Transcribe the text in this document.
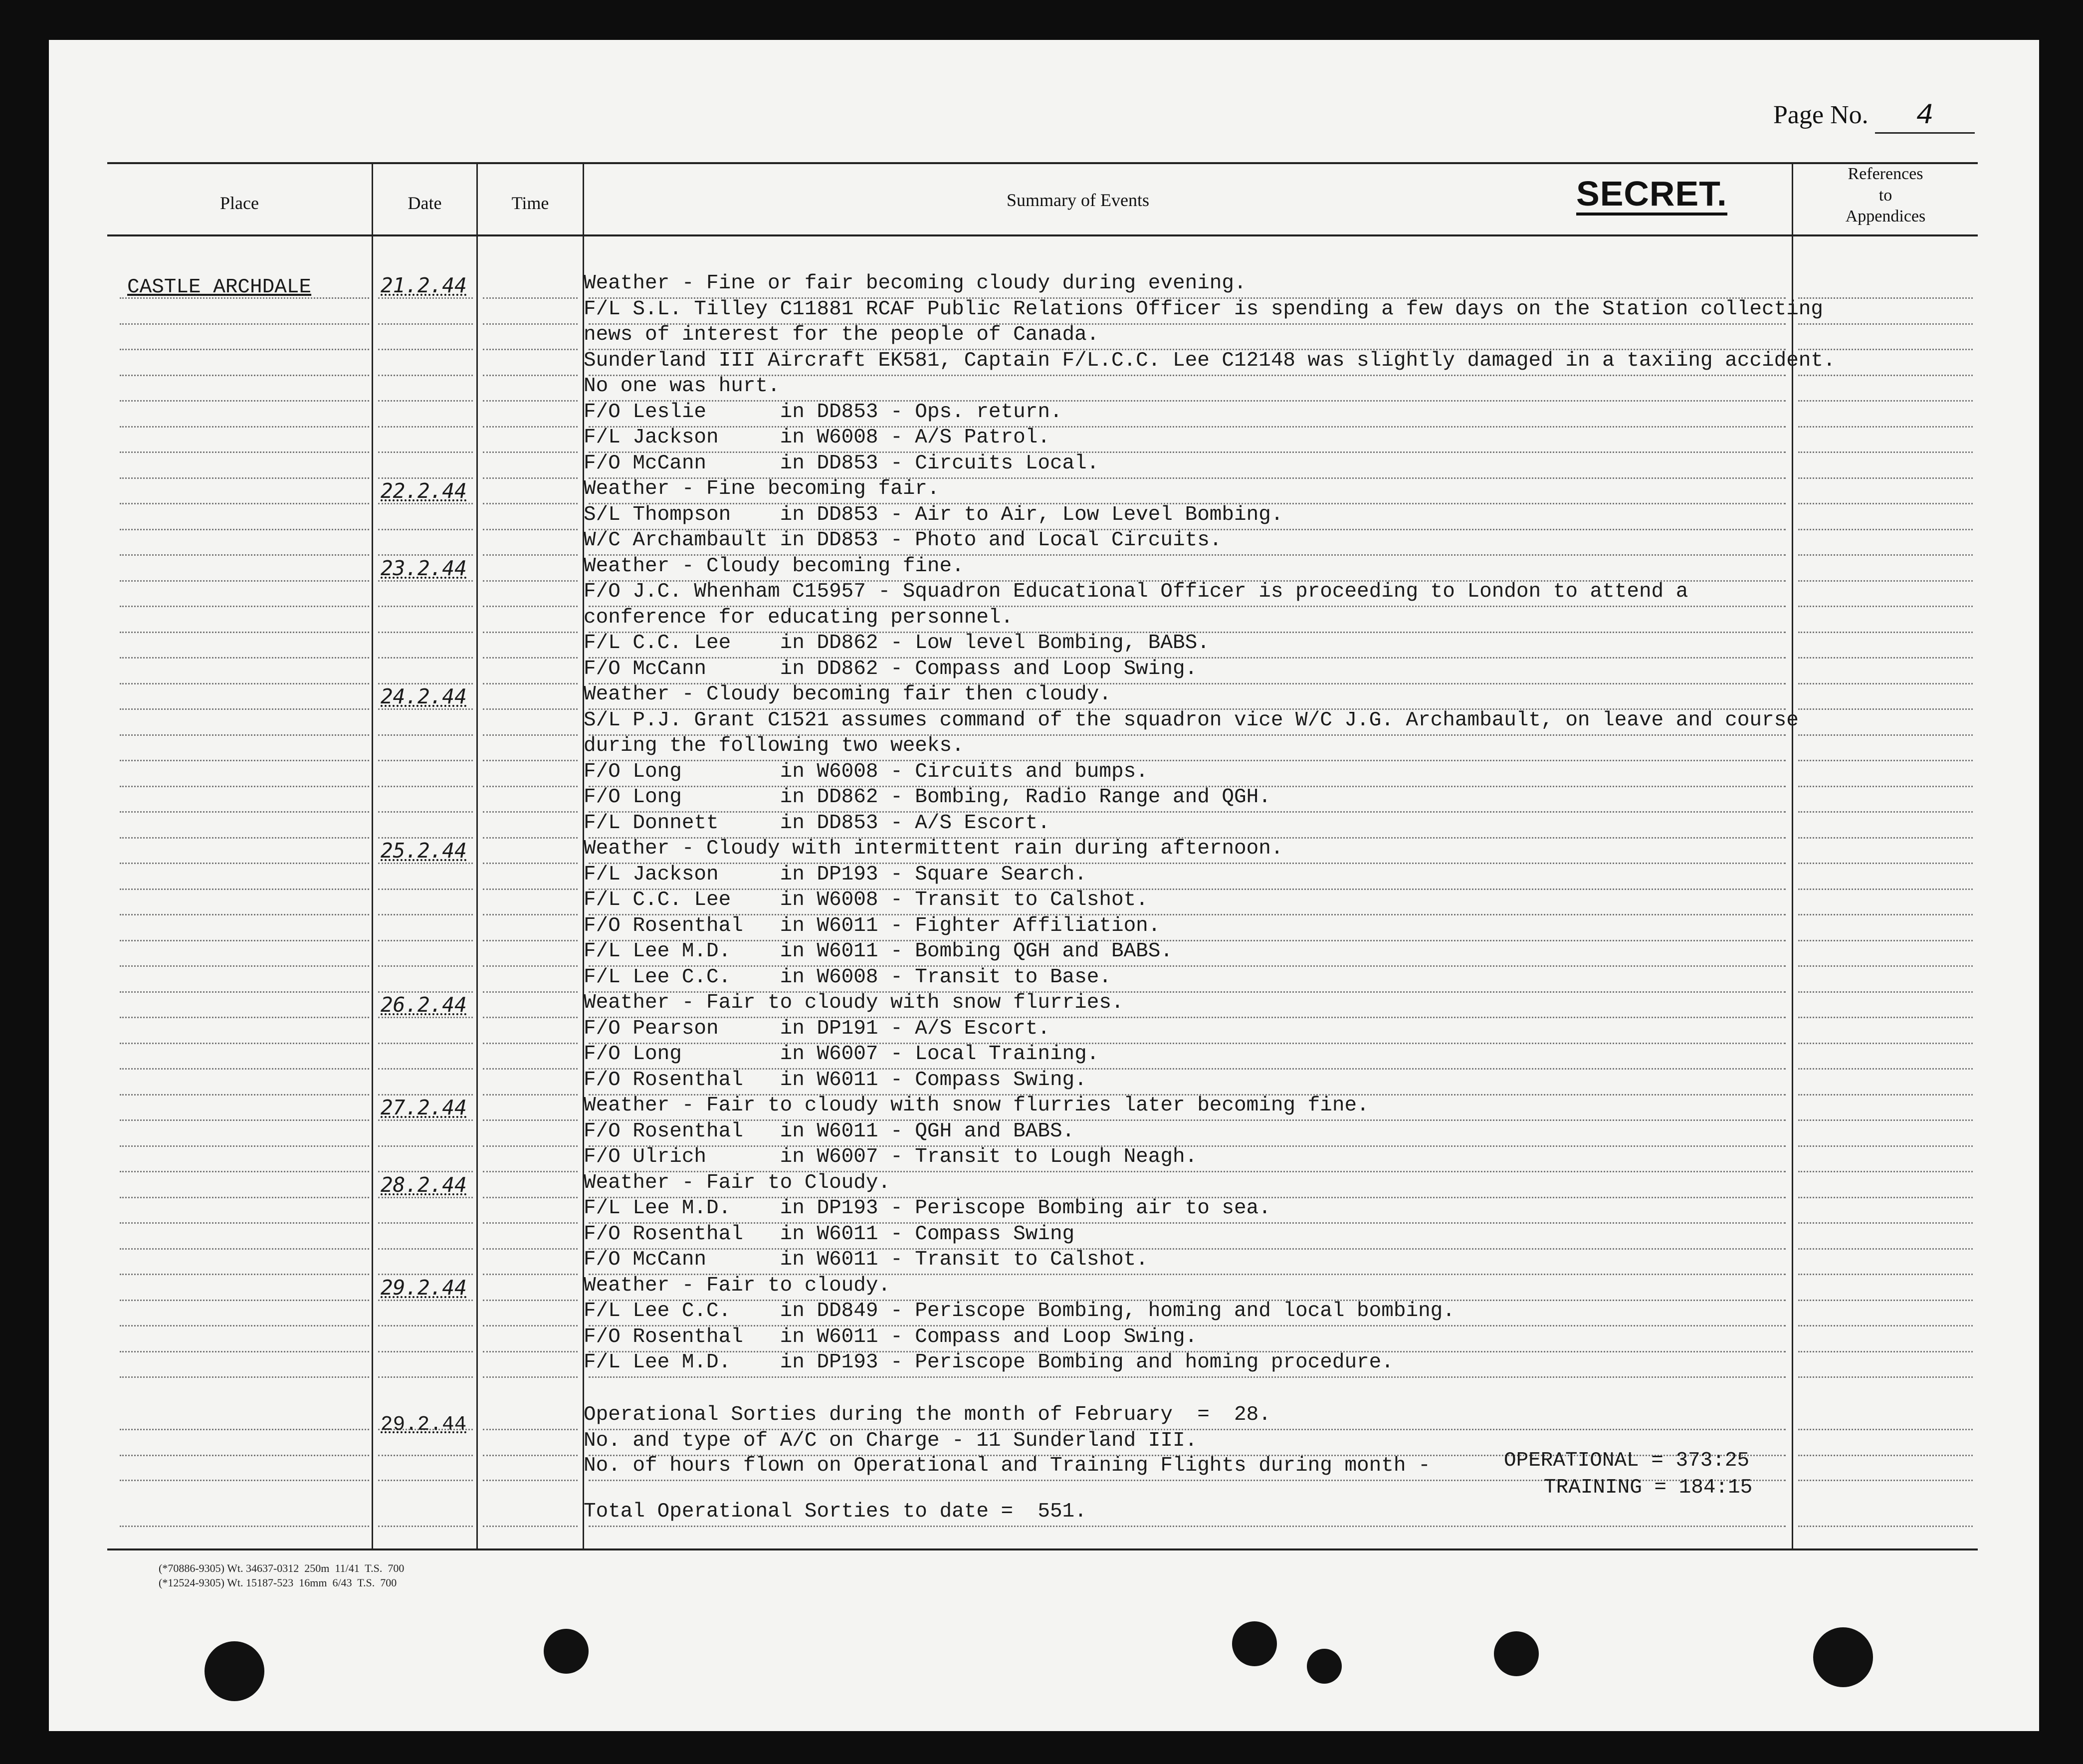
Page No. 4
Place	Date	Time	Summary of Events	SECRET.
References
to
Appendices
CASTLE ARCHDALE	21.2.44	Weather - Fine or fair becoming cloudy during evening.
F/L S.L. Tilley C11881 RCAF Public Relations Officer is spending a few days on the Station collecting
news of interest for the people of Canada.
Sunderland III Aircraft EK581, Captain F/L.C.C. Lee C12148 was slightly damaged in a taxiing accident.
No one was hurt.
F/O Leslie      in DD853 - Ops. return.
F/L Jackson     in W6008 - A/S Patrol.
F/O McCann      in DD853 - Circuits Local.
22.2.44	Weather - Fine becoming fair.
S/L Thompson    in DD853 - Air to Air, Low Level Bombing.
W/C Archambault in DD853 - Photo and Local Circuits.
23.2.44	Weather - Cloudy becoming fine.
F/O J.C. Whenham C15957 - Squadron Educational Officer is proceeding to London to attend a
conference for educating personnel.
F/L C.C. Lee    in DD862 - Low level Bombing, BABS.
F/O McCann      in DD862 - Compass and Loop Swing.
24.2.44	Weather - Cloudy becoming fair then cloudy.
S/L P.J. Grant C1521 assumes command of the squadron vice W/C J.G. Archambault, on leave and course
during the following two weeks.
F/O Long        in W6008 - Circuits and bumps.
F/O Long        in DD862 - Bombing, Radio Range and QGH.
F/L Donnett     in DD853 - A/S Escort.
25.2.44	Weather - Cloudy with intermittent rain during afternoon.
F/L Jackson     in DP193 - Square Search.
F/L C.C. Lee    in W6008 - Transit to Calshot.
F/O Rosenthal   in W6011 - Fighter Affiliation.
F/L Lee M.D.    in W6011 - Bombing QGH and BABS.
F/L Lee C.C.    in W6008 - Transit to Base.
26.2.44	Weather - Fair to cloudy with snow flurries.
F/O Pearson     in DP191 - A/S Escort.
F/O Long        in W6007 - Local Training.
F/O Rosenthal   in W6011 - Compass Swing.
27.2.44	Weather - Fair to cloudy with snow flurries later becoming fine.
F/O Rosenthal   in W6011 - QGH and BABS.
F/O Ulrich      in W6007 - Transit to Lough Neagh.
28.2.44	Weather - Fair to Cloudy.
F/L Lee M.D.    in DP193 - Periscope Bombing air to sea.
F/O Rosenthal   in W6011 - Compass Swing
F/O McCann      in W6011 - Transit to Calshot.
29.2.44	Weather - Fair to cloudy.
F/L Lee C.C.    in DD849 - Periscope Bombing, homing and local bombing.
F/O Rosenthal   in W6011 - Compass and Loop Swing.
F/L Lee M.D.    in DP193 - Periscope Bombing and homing procedure.
29.2.44	Operational Sorties during the month of February  =  28.
No. and type of A/C on Charge - 11 Sunderland III.
No. of hours flown on Operational and Training Flights during month -	OPERATIONAL = 373:25
TRAINING = 184:15
Total Operational Sorties to date =  551.
(*70886-9305) Wt. 34637-0312  250m  11/41  T.S.  700
(*12524-9305) Wt. 15187-523  16mm  6/43  T.S.  700
